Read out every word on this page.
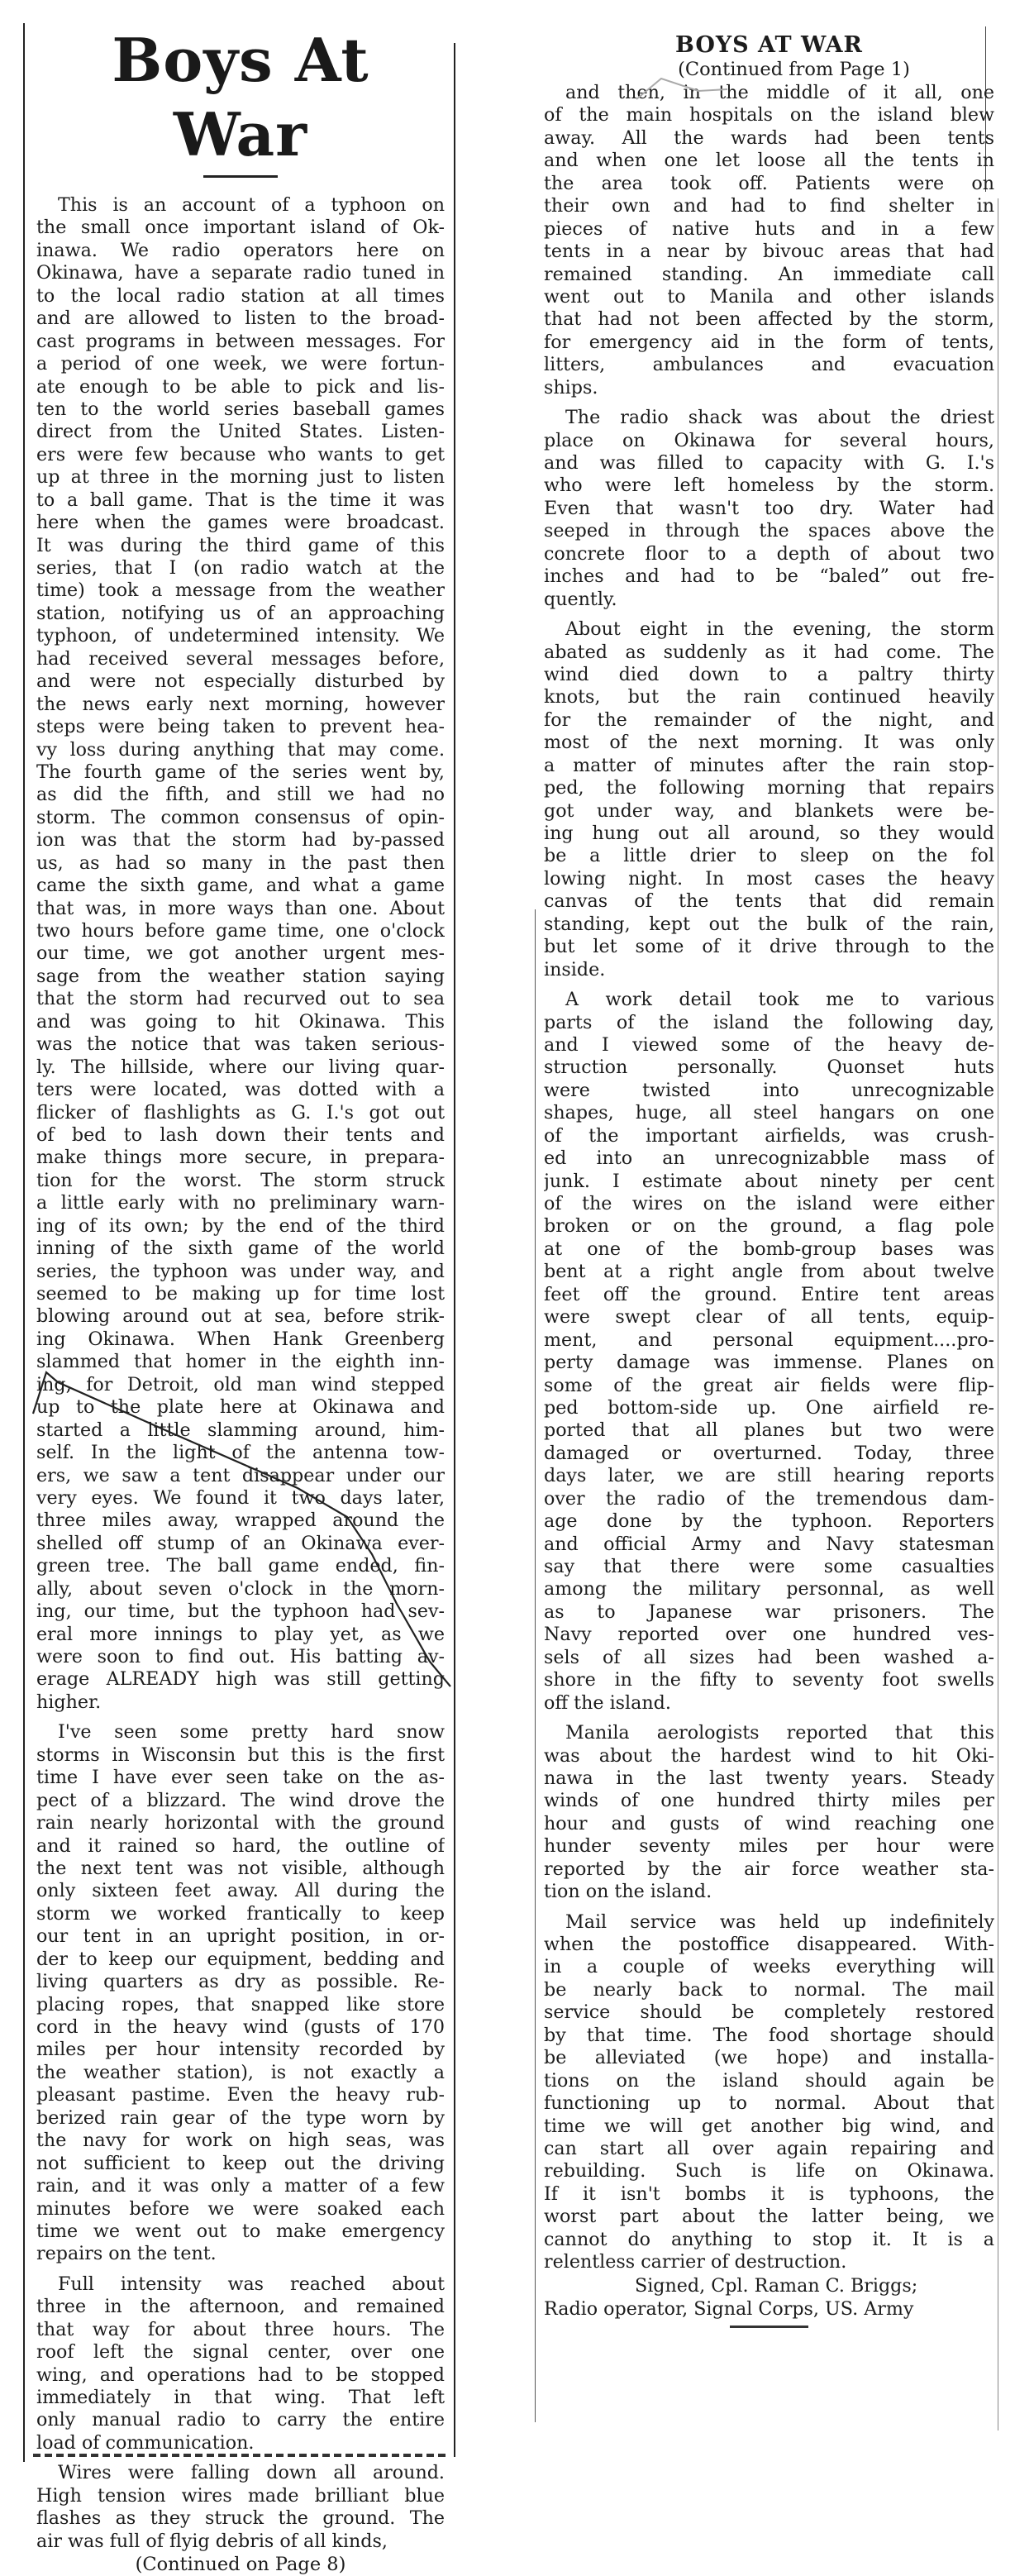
Boys At War
This is an account of a typhoon on
the small once important island of Ok-
inawa. We radio operators here on
Okinawa, have a separate radio tuned in
to the local radio station at all times
and are allowed to listen to the broad-
cast programs in between messages. For
a period of one week, we were fortun-
ate enough to be able to pick and lis-
ten to the world series baseball games
direct from the United States. Listen-
ers were few because who wants to get
up at three in the morning just to listen
to a ball game. That is the time it was
here when the games were broadcast.
It was during the third game of this
series, that I (on radio watch at the
time) took a message from the weather
station, notifying us of an approaching
typhoon, of undetermined intensity. We
had received several messages before,
and were not especially disturbed by
the news early next morning, however
steps were being taken to prevent hea-
vy loss during anything that may come.
The fourth game of the series went by,
as did the fifth, and still we had no
storm. The common consensus of opin-
ion was that the storm had by-passed
us, as had so many in the past then
came the sixth game, and what a game
that was, in more ways than one. About
two hours before game time, one o'clock
our time, we got another urgent mes-
sage from the weather station saying
that the storm had recurved out to sea
and was going to hit Okinawa. This
was the notice that was taken serious-
ly. The hillside, where our living quar-
ters were located, was dotted with a
flicker of flashlights as G. I.'s got out
of bed to lash down their tents and
make things more secure, in prepara-
tion for the worst. The storm struck
a little early with no preliminary warn-
ing of its own; by the end of the third
inning of the sixth game of the world
series, the typhoon was under way, and
seemed to be making up for time lost
blowing around out at sea, before strik-
ing Okinawa. When Hank Greenberg
slammed that homer in the eighth inn-
ing, for Detroit, old man wind stepped
up to the plate here at Okinawa and
started a little slamming around, him-
self. In the light of the antenna tow-
ers, we saw a tent disappear under our
very eyes. We found it two days later,
three miles away, wrapped around the
shelled off stump of an Okinawa ever-
green tree. The ball game ended, fin-
ally, about seven o'clock in the morn-
ing, our time, but the typhoon had sev-
eral more innings to play yet, as we
were soon to find out. His batting av-
erage ALREADY high was still getting
higher.
I've seen some pretty hard snow
storms in Wisconsin but this is the first
time I have ever seen take on the as-
pect of a blizzard. The wind drove the
rain nearly horizontal with the ground
and it rained so hard, the outline of
the next tent was not visible, although
only sixteen feet away. All during the
storm we worked frantically to keep
our tent in an upright position, in or-
der to keep our equipment, bedding and
living quarters as dry as possible. Re-
placing ropes, that snapped like store
cord in the heavy wind (gusts of 170
miles per hour intensity recorded by
the weather station), is not exactly a
pleasant pastime. Even the heavy rub-
berized rain gear of the type worn by
the navy for work on high seas, was
not sufficient to keep out the driving
rain, and it was only a matter of a few
minutes before we were soaked each
time we went out to make emergency
repairs on the tent.
Full intensity was reached about
three in the afternoon, and remained
that way for about three hours. The
roof left the signal center, over one
wing, and operations had to be stopped
immediately in that wing. That left
only manual radio to carry the entire
load of communication.
Wires were falling down all around.
High tension wires made brilliant blue
flashes as they struck the ground. The
air was full of flyig debris of all kinds,
(Continued on Page 8)
BOYS AT WAR
(Continued from Page 1)
and then, in the middle of it all, one
of the main hospitals on the island blew
away. All the wards had been tents
and when one let loose all the tents in
the area took off. Patients were on
their own and had to find shelter in
pieces of native huts and in a few
tents in a near by bivouc areas that had
remained standing. An immediate call
went out to Manila and other islands
that had not been affected by the storm,
for emergency aid in the form of tents,
litters, ambulances and evacuation
ships.
The radio shack was about the driest
place on Okinawa for several hours,
and was filled to capacity with G. I.'s
who were left homeless by the storm.
Even that wasn't too dry. Water had
seeped in through the spaces above the
concrete floor to a depth of about two
inches and had to be “baled” out fre-
quently.
About eight in the evening, the storm
abated as suddenly as it had come. The
wind died down to a paltry thirty
knots, but the rain continued heavily
for the remainder of the night, and
most of the next morning. It was only
a matter of minutes after the rain stop-
ped, the following morning that repairs
got under way, and blankets were be-
ing hung out all around, so they would
be a little drier to sleep on the fol
lowing night. In most cases the heavy
canvas of the tents that did remain
standing, kept out the bulk of the rain,
but let some of it drive through to the
inside.
A work detail took me to various
parts of the island the following day,
and I viewed some of the heavy de-
struction personally. Quonset huts
were twisted into unrecognizable
shapes, huge, all steel hangars on one
of the important airfields, was crush-
ed into an unrecognizabble mass of
junk. I estimate about ninety per cent
of the wires on the island were either
broken or on the ground, a flag pole
at one of the bomb-group bases was
bent at a right angle from about twelve
feet off the ground. Entire tent areas
were swept clear of all tents, equip-
ment, and personal equipment....pro-
perty damage was immense. Planes on
some of the great air fields were flip-
ped bottom-side up. One airfield re-
ported that all planes but two were
damaged or overturned. Today, three
days later, we are still hearing reports
over the radio of the tremendous dam-
age done by the typhoon. Reporters
and official Army and Navy statesman
say that there were some casualties
among the military personnal, as well
as to Japanese war prisoners. The
Navy reported over one hundred ves-
sels of all sizes had been washed a-
shore in the fifty to seventy foot swells
off the island.
Manila aerologists reported that this
was about the hardest wind to hit Oki-
nawa in the last twenty years. Steady
winds of one hundred thirty miles per
hour and gusts of wind reaching one
hunder seventy miles per hour were
reported by the air force weather sta-
tion on the island.
Mail service was held up indefinitely
when the postoffice disappeared. With-
in a couple of weeks everything will
be nearly back to normal. The mail
service should be completely restored
by that time. The food shortage should
be alleviated (we hope) and installa-
tions on the island should again be
functioning up to normal. About that
time we will get another big wind, and
can start all over again repairing and
rebuilding. Such is life on Okinawa.
If it isn't bombs it is typhoons, the
worst part about the latter being, we
cannot do anything to stop it. It is a
relentless carrier of destruction.
Signed, Cpl. Raman C. Briggs;
Radio operator, Signal Corps, US. Army
